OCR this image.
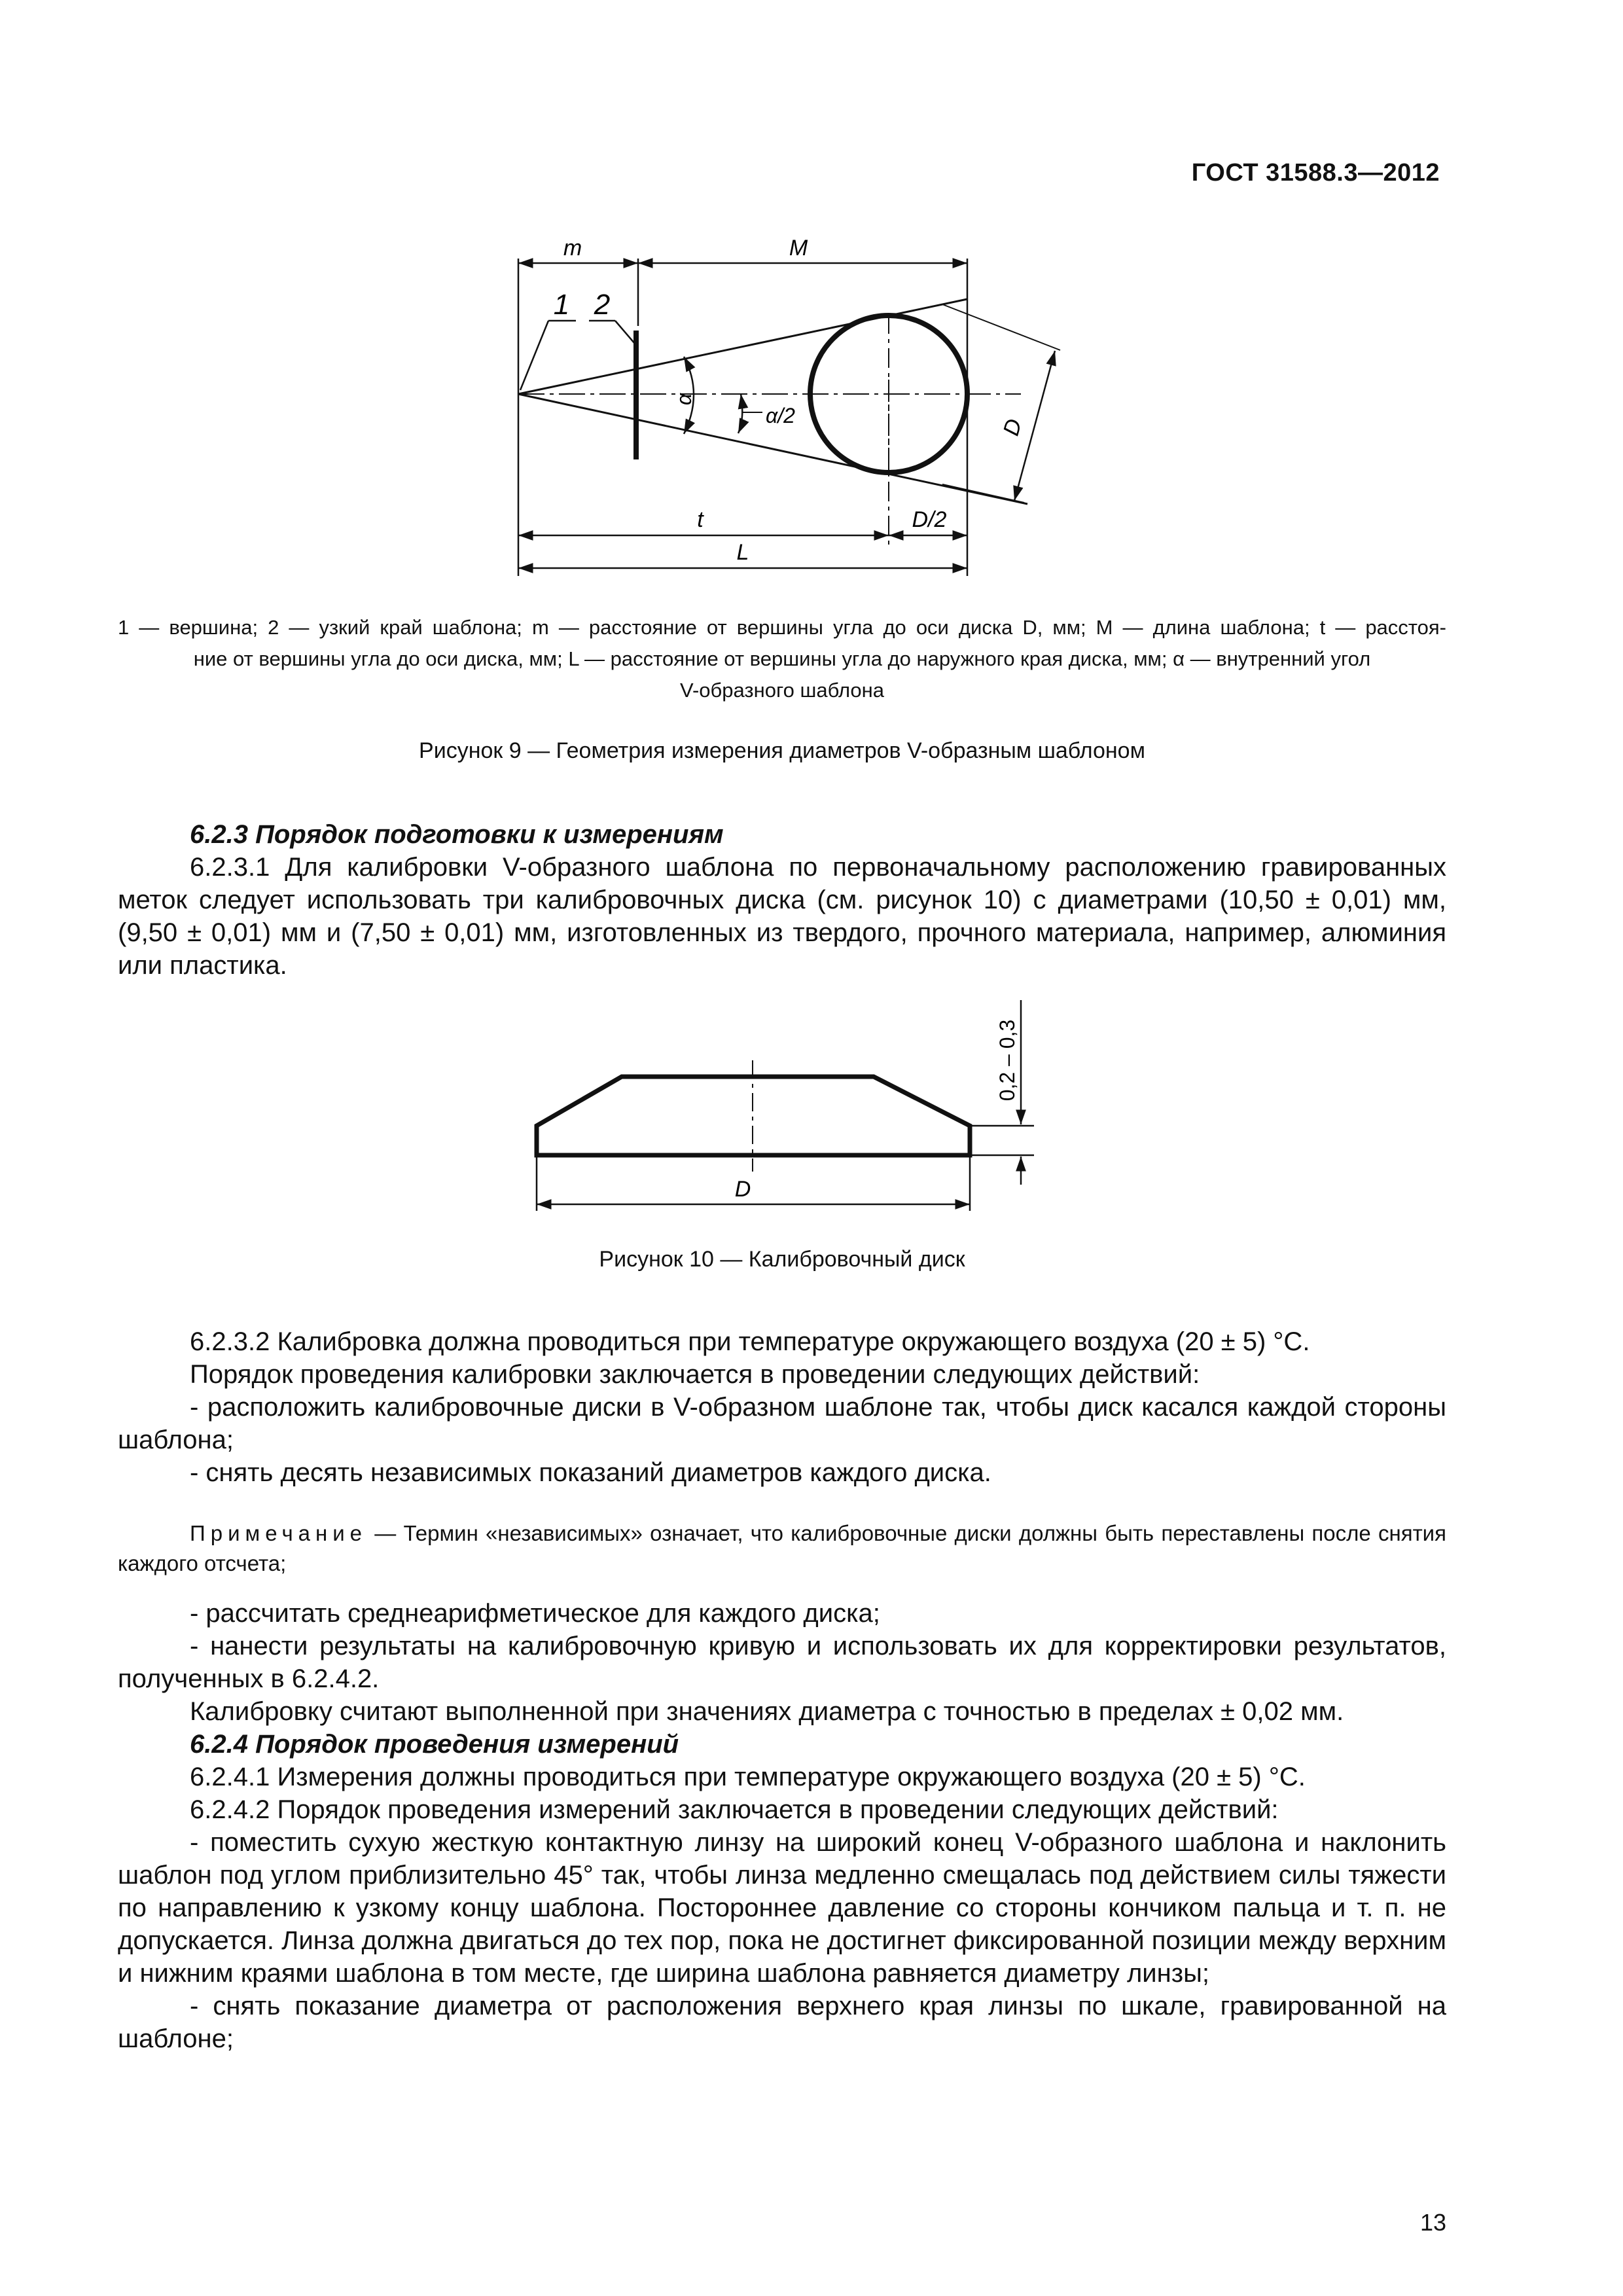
ГОСТ 31588.3—2012
m	M
1 2
α
α/2	D
t	D/2
L
1 — вершина; 2 — узкий край шаблона; m — расстояние от вершины угла до оси диска D, мм; M — длина шаблона; t — расстоя-
ние от вершины угла до оси диска, мм; L — расстояние от вершины угла до наружного края диска, мм; α — внутренний угол
V-образного шаблона
Рисунок 9 — Геометрия измерения диаметров V-образным шаблоном
6.2.3 Порядок подготовки к измерениям
6.2.3.1 Для калибровки V-образного шаблона по первоначальному расположению гравированных меток следует использовать три калибровочных диска (см. рисунок 10) с диаметрами (10,50 ± 0,01) мм, (9,50 ± 0,01) мм и (7,50 ± 0,01) мм, изготовленных из твердого, прочного материала, например, алюминия или пластика.
D
0,2 – 0,3
Рисунок 10 — Калибровочный диск
6.2.3.2 Калибровка должна проводиться при температуре окружающего воздуха (20 ± 5) °С.
Порядок проведения калибровки заключается в проведении следующих действий:
- расположить калибровочные диски в V-образном шаблоне так, чтобы диск касался каждой стороны шаблона;
- снять десять независимых показаний диаметров каждого диска.
Примечание — Термин «независимых» означает, что калибровочные диски должны быть переставлены после снятия каждого отсчета;
- рассчитать среднеарифметическое для каждого диска;
- нанести результаты на калибровочную кривую и использовать их для корректировки результатов, полученных в 6.2.4.2.
Калибровку считают выполненной при значениях диаметра с точностью в пределах ± 0,02 мм.
6.2.4 Порядок проведения измерений
6.2.4.1 Измерения должны проводиться при температуре окружающего воздуха (20 ± 5) °С.
6.2.4.2 Порядок проведения измерений заключается в проведении следующих действий:
- поместить сухую жесткую контактную линзу на широкий конец V-образного шаблона и наклонить шаблон под углом приблизительно 45° так, чтобы линза медленно смещалась под действием силы тяжести по направлению к узкому концу шаблона. Постороннее давление со стороны кончиком пальца и т. п. не допускается. Линза должна двигаться до тех пор, пока не достигнет фиксированной позиции между верхним и нижним краями шаблона в том месте, где ширина шаблона равняется диаметру линзы;
- снять показание диаметра от расположения верхнего края линзы по шкале, гравированной на шаблоне;
13
